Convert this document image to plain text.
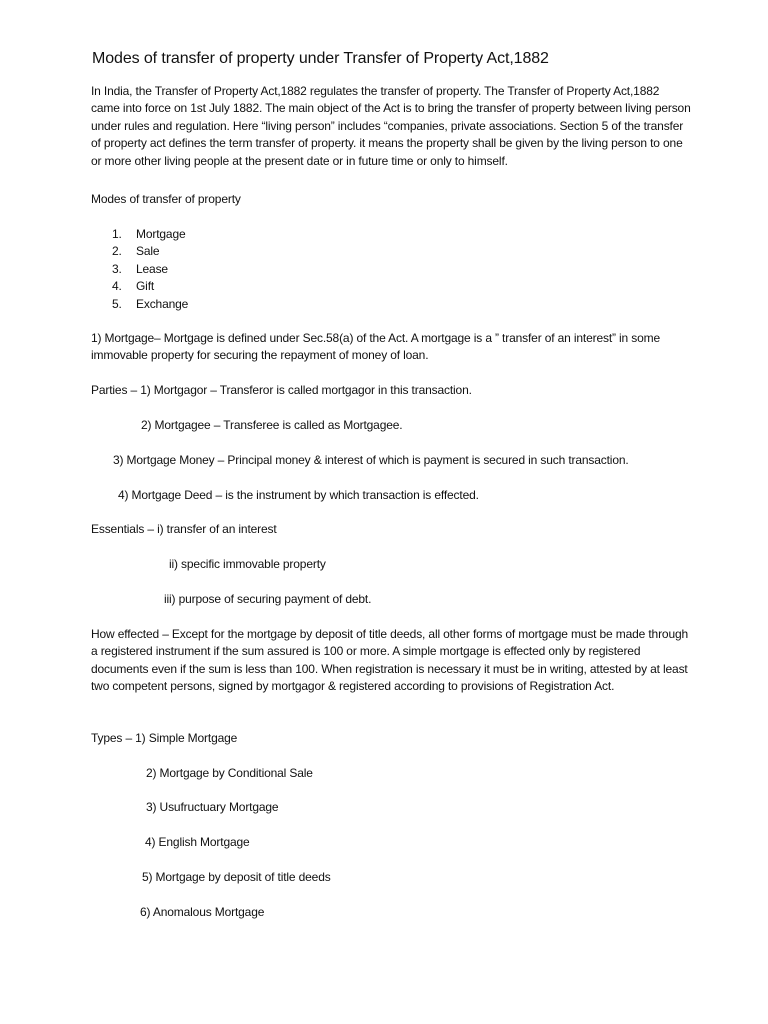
Modes of transfer of property under Transfer of Property Act,1882

In India, the Transfer of Property Act,1882 regulates the transfer of property. The Transfer of Property Act,1882 came into force on 1st July 1882. The main object of the Act is to bring the transfer of property between living person under rules and regulation. Here “living person” includes “companies, private associations. Section 5 of the transfer of property act defines the term transfer of property. it means the property shall be given by the living person to one or more other living people at the present date or in future time or only to himself.

Modes of transfer of property

1. Mortgage
2. Sale
3. Lease
4. Gift
5. Exchange

1) Mortgage– Mortgage is defined under Sec.58(a) of the Act. A mortgage is a ” transfer of an interest” in some immovable property for securing the repayment of money of loan.

Parties – 1) Mortgagor – Transferor is called mortgagor in this transaction.

2) Mortgagee – Transferee is called as Mortgagee.

3) Mortgage Money – Principal money & interest of which is payment is secured in such transaction.

4) Mortgage Deed – is the instrument by which transaction is effected.

Essentials – i) transfer of an interest

ii) specific immovable property

iii) purpose of securing payment of debt.

How effected – Except for the mortgage by deposit of title deeds, all other forms of mortgage must be made through a registered instrument if the sum assured is 100 or more. A simple mortgage is effected only by registered documents even if the sum is less than 100. When registration is necessary it must be in writing, attested by at least two competent persons, signed by mortgagor & registered according to provisions of Registration Act.

Types – 1) Simple Mortgage

2) Mortgage by Conditional Sale

3) Usufructuary Mortgage

4) English Mortgage

5) Mortgage by deposit of title deeds

6) Anomalous Mortgage
